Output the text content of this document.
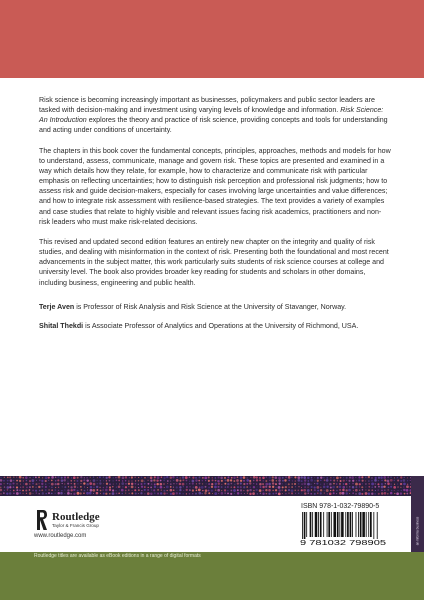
Risk science is becoming increasingly important as businesses, policymakers and public sector leaders are tasked with decision-making and investment using varying levels of knowledge and information. Risk Science: An Introduction explores the theory and practice of risk science, providing concepts and tools for understanding and acting under conditions of uncertainty.

The chapters in this book cover the fundamental concepts, principles, approaches, methods and models for how to understand, assess, communicate, manage and govern risk. These topics are presented and examined in a way which details how they relate, for example, how to characterize and communicate risk with particular emphasis on reflecting uncertainties; how to distinguish risk perception and professional risk judgments; how to assess risk and guide decision-makers, especially for cases involving large uncertainties and value differences; and how to integrate risk assessment with resilience-based strategies. The text provides a variety of examples and case studies that relate to highly visible and relevant issues facing risk academics, practitioners and non-risk leaders who must make risk-related decisions.

This revised and updated second edition features an entirely new chapter on the integrity and quality of risk studies, and dealing with misinformation in the context of risk. Presenting both the foundational and most recent advancements in the subject matter, this work particularly suits students of risk science courses at college and university level. The book also provides broader key reading for students and scholars in other domains, including business, engineering and public health.

Terje Aven is Professor of Risk Analysis and Risk Science at the University of Stavanger, Norway.

Shital Thekdi is Associate Professor of Analytics and Operations at the University of Richmond, USA.

an informa business
Routledge
Taylor & Francis Group
www.routledge.com
ISBN 978-1-032-79890-5
9 781032 798905
Routledge titles are available as eBook editions in a range of digital formats
